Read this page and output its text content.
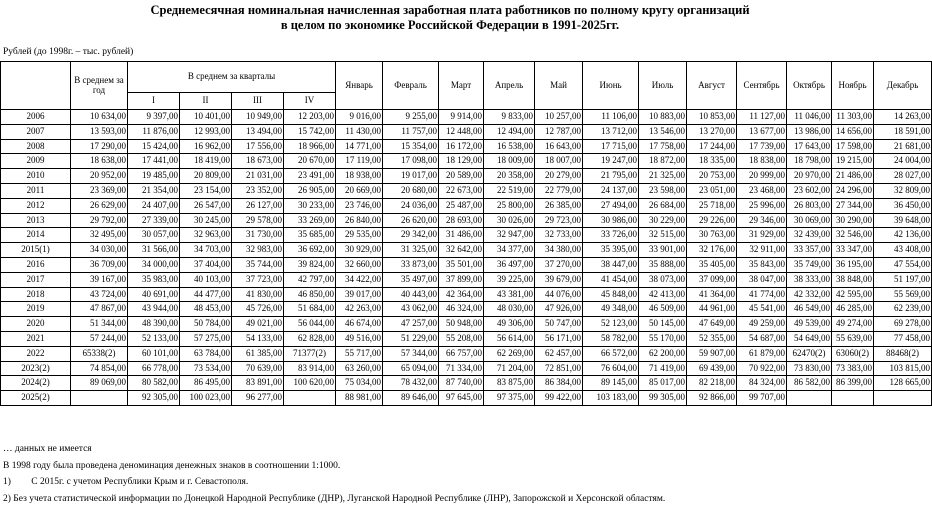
Среднемесячная номинальная начисленная заработная плата работников по полному кругу организаций
в целом по экономике Российской Федерации в 1991-2025гг.
Рублей (до 1998г. – тыс. рублей)
	В среднем за год	В среднем за кварталы				Январь	Февраль	Март	Апрель	Май	Июнь	Июль	Август	Сентябрь	Октябрь	Ноябрь	Декабрь
		I	II	III	IV												
2006	10 634,00	9 397,00	10 401,00	10 949,00	12 203,00	9 016,00	9 255,00	9 914,00	9 833,00	10 257,00	11 106,00	10 883,00	10 853,00	11 127,00	11 046,00	11 303,00	14 263,00
2007	13 593,00	11 876,00	12 993,00	13 494,00	15 742,00	11 430,00	11 757,00	12 448,00	12 494,00	12 787,00	13 712,00	13 546,00	13 270,00	13 677,00	13 986,00	14 656,00	18 591,00
2008	17 290,00	15 424,00	16 962,00	17 556,00	18 966,00	14 771,00	15 354,00	16 172,00	16 538,00	16 643,00	17 715,00	17 758,00	17 244,00	17 739,00	17 643,00	17 598,00	21 681,00
2009	18 638,00	17 441,00	18 419,00	18 673,00	20 670,00	17 119,00	17 098,00	18 129,00	18 009,00	18 007,00	19 247,00	18 872,00	18 335,00	18 838,00	18 798,00	19 215,00	24 004,00
2010	20 952,00	19 485,00	20 809,00	21 031,00	23 491,00	18 938,00	19 017,00	20 589,00	20 358,00	20 279,00	21 795,00	21 325,00	20 753,00	20 999,00	20 970,00	21 486,00	28 027,00
2011	23 369,00	21 354,00	23 154,00	23 352,00	26 905,00	20 669,00	20 680,00	22 673,00	22 519,00	22 779,00	24 137,00	23 598,00	23 051,00	23 468,00	23 602,00	24 296,00	32 809,00
2012	26 629,00	24 407,00	26 547,00	26 127,00	30 233,00	23 746,00	24 036,00	25 487,00	25 800,00	26 385,00	27 494,00	26 684,00	25 718,00	25 996,00	26 803,00	27 344,00	36 450,00
2013	29 792,00	27 339,00	30 245,00	29 578,00	33 269,00	26 840,00	26 620,00	28 693,00	30 026,00	29 723,00	30 986,00	30 229,00	29 226,00	29 346,00	30 069,00	30 290,00	39 648,00
2014	32 495,00	30 057,00	32 963,00	31 730,00	35 685,00	29 535,00	29 342,00	31 486,00	32 947,00	32 733,00	33 726,00	32 515,00	30 763,00	31 929,00	32 439,00	32 546,00	42 136,00
2015(1)	34 030,00	31 566,00	34 703,00	32 983,00	36 692,00	30 929,00	31 325,00	32 642,00	34 377,00	34 380,00	35 395,00	33 901,00	32 176,00	32 911,00	33 357,00	33 347,00	43 408,00
2016	36 709,00	34 000,00	37 404,00	35 744,00	39 824,00	32 660,00	33 873,00	35 501,00	36 497,00	37 270,00	38 447,00	35 888,00	35 405,00	35 843,00	35 749,00	36 195,00	47 554,00
2017	39 167,00	35 983,00	40 103,00	37 723,00	42 797,00	34 422,00	35 497,00	37 899,00	39 225,00	39 679,00	41 454,00	38 073,00	37 099,00	38 047,00	38 333,00	38 848,00	51 197,00
2018	43 724,00	40 691,00	44 477,00	41 830,00	46 850,00	39 017,00	40 443,00	42 364,00	43 381,00	44 076,00	45 848,00	42 413,00	41 364,00	41 774,00	42 332,00	42 595,00	55 569,00
2019	47 867,00	43 944,00	48 453,00	45 726,00	51 684,00	42 263,00	43 062,00	46 324,00	48 030,00	47 926,00	49 348,00	46 509,00	44 961,00	45 541,00	46 549,00	46 285,00	62 239,00
2020	51 344,00	48 390,00	50 784,00	49 021,00	56 044,00	46 674,00	47 257,00	50 948,00	49 306,00	50 747,00	52 123,00	50 145,00	47 649,00	49 259,00	49 539,00	49 274,00	69 278,00
2021	57 244,00	52 133,00	57 275,00	54 133,00	62 828,00	49 516,00	51 229,00	55 208,00	56 614,00	56 171,00	58 782,00	55 170,00	52 355,00	54 687,00	54 649,00	55 639,00	77 458,00
2022	65338(2)	60 101,00	63 784,00	61 385,00	71377(2)	55 717,00	57 344,00	66 757,00	62 269,00	62 457,00	66 572,00	62 200,00	59 907,00	61 879,00	62470(2)	63060(2)	88468(2)
2023(2)	74 854,00	66 778,00	73 534,00	70 639,00	83 914,00	63 260,00	65 094,00	71 334,00	71 204,00	72 851,00	76 604,00	71 419,00	69 439,00	70 922,00	73 830,00	73 383,00	103 815,00
2024(2)	89 069,00	80 582,00	86 495,00	83 891,00	100 620,00	75 034,00	78 432,00	87 740,00	83 875,00	86 384,00	89 145,00	85 017,00	82 218,00	84 324,00	86 582,00	86 399,00	128 665,00
2025(2)		92 305,00	100 023,00	96 277,00		88 981,00	89 646,00	97 645,00	97 375,00	99 422,00	103 183,00	99 305,00	92 866,00	99 707,00			
… данных не имеется
В 1998 году была проведена деноминация денежных знаков в соотношении 1:1000.
1) С 2015г. с учетом Республики Крым и г. Севастополя.
2) Без учета статистической информации по Донецкой Народной Республике (ДНР), Луганской Народной Республике (ЛНР), Запорожской и Херсонской областям.
